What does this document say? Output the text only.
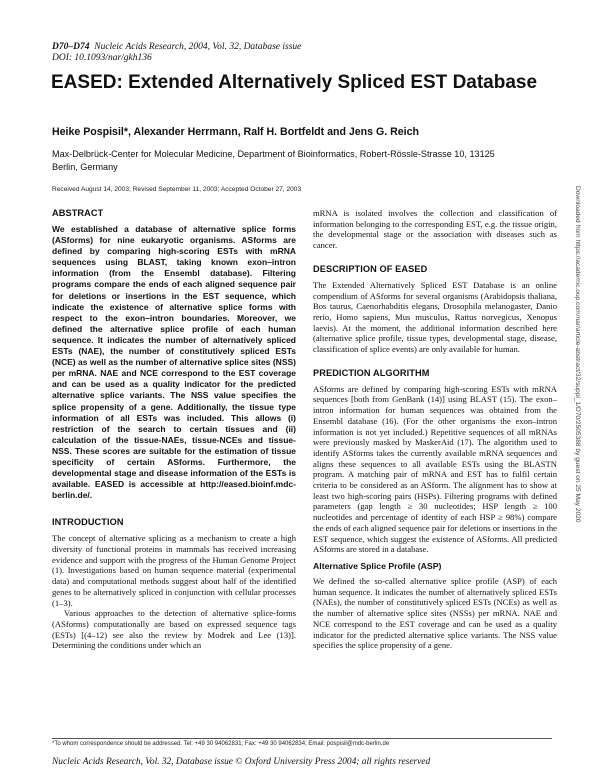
D70–D74 Nucleic Acids Research, 2004, Vol. 32, Database issue
DOI: 10.1093/nar/gkh136
EASED: Extended Alternatively Spliced EST Database
Heike Pospisil*, Alexander Herrmann, Ralf H. Bortfeldt and Jens G. Reich
Max-Delbrück-Center for Molecular Medicine, Department of Bioinformatics, Robert-Rössle-Strasse 10, 13125 Berlin, Germany
Received August 14, 2003; Revised September 11, 2003; Accepted October 27, 2003
ABSTRACT

We established a database of alternative splice forms (ASforms) for nine eukaryotic organisms. ASforms are defined by comparing high-scoring ESTs with mRNA sequences using BLAST, taking known exon–intron information (from the Ensembl database). Filtering programs compare the ends of each aligned sequence pair for deletions or insertions in the EST sequence, which indicate the existence of alternative splice forms with respect to the exon–intron boundaries. Moreover, we defined the alternative splice profile of each human sequence. It indicates the number of alternatively spliced ESTs (NAE), the number of constitutively spliced ESTs (NCE) as well as the number of alternative splice sites (NSS) per mRNA. NAE and NCE correspond to the EST coverage and can be used as a quality indicator for the predicted alternative splice variants. The NSS value specifies the splice propensity of a gene. Additionally, the tissue type information of all ESTs was included. This allows (i) restriction of the search to certain tissues and (ii) calculation of the tissue-NAEs, tissue-NCEs and tissue-NSS. These scores are suitable for the estimation of tissue specificity of certain ASforms. Furthermore, the developmental stage and disease information of the ESTs is available. EASED is accessible at http://eased.bioinf.mdc-berlin.de/.

INTRODUCTION

The concept of alternative splicing as a mechanism to create a high diversity of functional proteins in mammals has received increasing evidence and support with the progress of the Human Genome Project (1). Investigations based on human sequence material (experimental data) and computational methods suggest about half of the identified genes to be alternatively spliced in conjunction with cellular processes (1–3).

Various approaches to the detection of alternative splice-forms (ASforms) computationally are based on expressed sequence tags (ESTs) [(4–12) see also the review by Modrek and Lee (13)]. Determining the conditions under which an

mRNA is isolated involves the collection and classification of information belonging to the corresponding EST, e.g. the tissue origin, the developmental stage or the association with diseases such as cancer.

DESCRIPTION OF EASED

The Extended Alternatively Spliced EST Database is an online compendium of ASforms for several organisms (Arabidopsis thaliana, Bos taurus, Caenorhabditis elegans, Drosophila melanogaster, Danio rerio, Homo sapiens, Mus musculus, Rattus norvegicus, Xenopus laevis). At the moment, the additional information described here (alternative splice profile, tissue types, developmental stage, disease, classification of splice events) are only available for human.

PREDICTION ALGORITHM

ASforms are defined by comparing high-scoring ESTs with mRNA sequences [both from GenBank (14)] using BLAST (15). The exon–intron information for human sequences was obtained from the Ensembl database (16). (For the other organisms the exon–intron information is not yet included.) Repetitive sequences of all mRNAs were previously masked by MaskerAid (17). The algorithm used to identify ASforms takes the currently available mRNA sequences and aligns these sequences to all available ESTs using the BLASTN program. A matching pair of mRNA and EST has to fulfil certain criteria to be considered as an ASform. The alignment has to show at least two high-scoring pairs (HSPs). Filtering programs with defined parameters (gap length ≥ 30 nucleotides; HSP length ≥ 100 nucleotides and percentage of identity of each HSP ≥ 98%) compare the ends of each aligned sequence pair for deletions or insertions in the EST sequence, which suggest the existence of ASforms. All predicted ASforms are stored in a database.

Alternative Splice Profile (ASP)

We defined the so-called alternative splice profile (ASP) of each human sequence. It indicates the number of alternatively spliced ESTs (NAEs), the number of constitutively spliced ESTs (NCEs) as well as the number of alternative splice sites (NSSs) per mRNA. NAE and NCE correspond to the EST coverage and can be used as a quality indicator for the predicted alternative splice variants. The NSS value specifies the splice propensity of a gene.

Downloaded from https://academic.oup.com/nar/article-abstract/32/suppl_1/D70/2505388 by guest on 25 May 2020
*To whom correspondence should be addressed. Tel: +49 30 94062831; Fax: +49 30 94062834; Email: pospisil@mdc-berlin.de
Nucleic Acids Research, Vol. 32, Database issue © Oxford University Press 2004; all rights reserved
